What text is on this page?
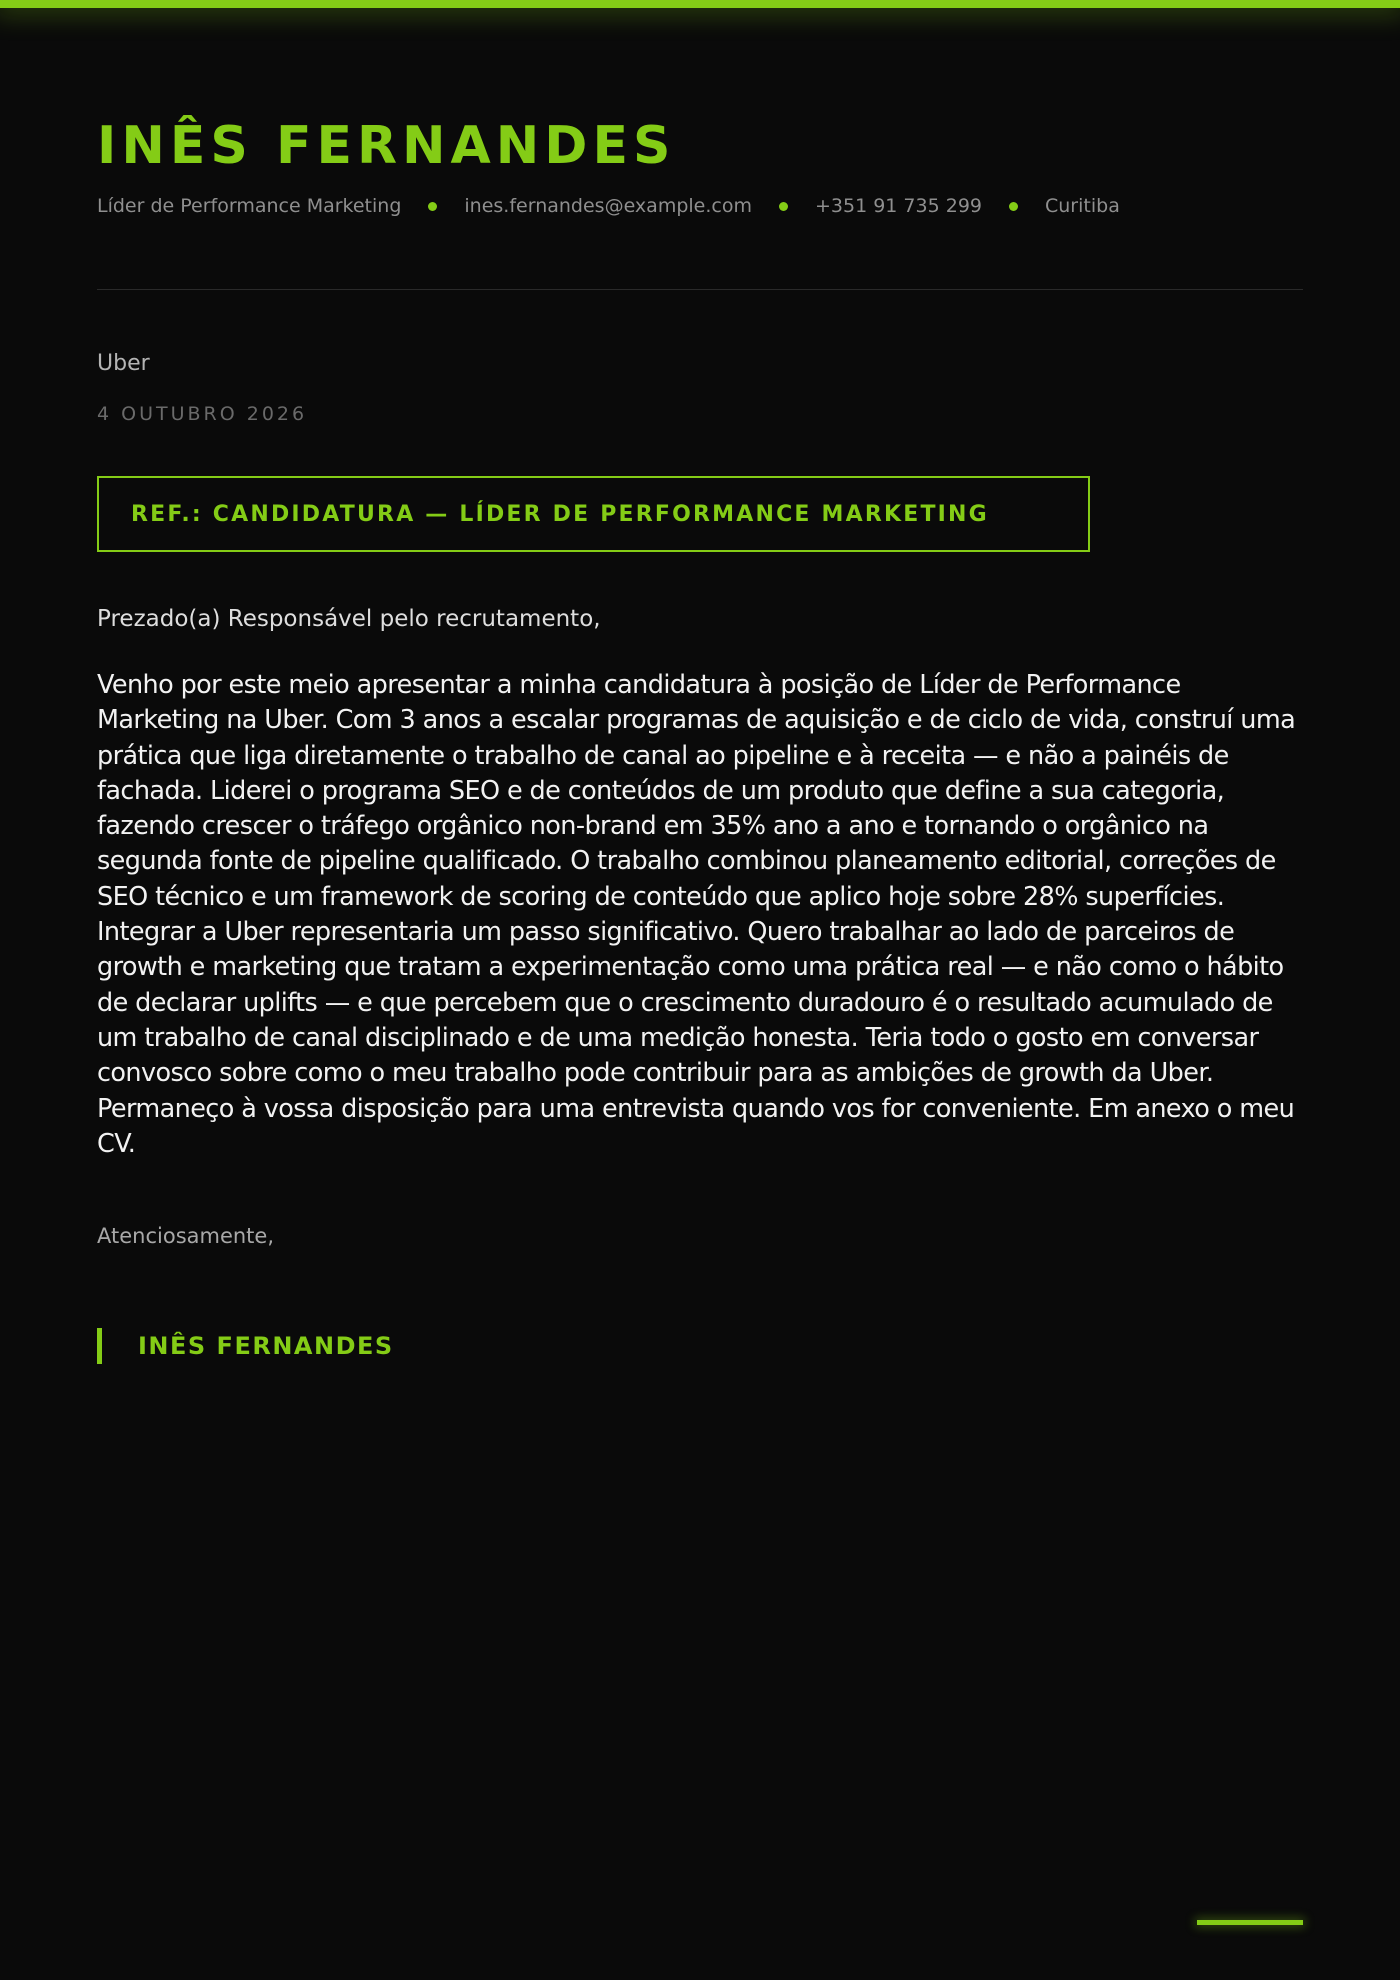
INÊS FERNANDES
Líder de Performance Marketing	ines.fernandes@example.com	+351 91 735 299	Curitiba
Uber
4 OUTUBRO 2026
REF.: CANDIDATURA — LÍDER DE PERFORMANCE MARKETING
Prezado(a) Responsável pelo recrutamento,

Venho por este meio apresentar a minha candidatura à posição de Líder de Performance Marketing na Uber. Com 3 anos a escalar programas de aquisição e de ciclo de vida, construí uma prática que liga diretamente o trabalho de canal ao pipeline e à receita — e não a painéis de fachada. Liderei o programa SEO e de conteúdos de um produto que define a sua categoria, fazendo crescer o tráfego orgânico non-brand em 35% ano a ano e tornando o orgânico na segunda fonte de pipeline qualificado. O trabalho combinou planeamento editorial, correções de SEO técnico e um framework de scoring de conteúdo que aplico hoje sobre 28% superfícies. Integrar a Uber representaria um passo significativo. Quero trabalhar ao lado de parceiros de growth e marketing que tratam a experimentação como uma prática real — e não como o hábito de declarar uplifts — e que percebem que o crescimento duradouro é o resultado acumulado de um trabalho de canal disciplinado e de uma medição honesta. Teria todo o gosto em conversar convosco sobre como o meu trabalho pode contribuir para as ambições de growth da Uber. Permaneço à vossa disposição para uma entrevista quando vos for conveniente. Em anexo o meu CV.

Atenciosamente,
INÊS FERNANDES
